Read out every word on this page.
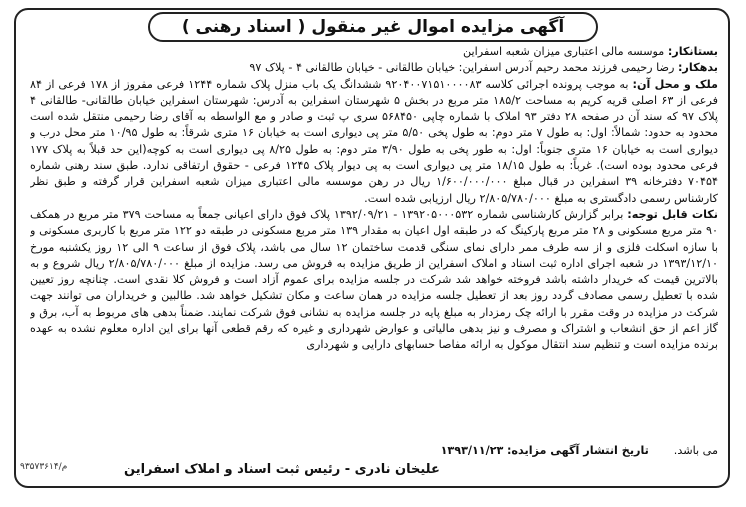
آگهی مزایده اموال غیر منقول ( اسناد رهنی )

بستانکار: موسسه مالی اعتباری میزان شعبه اسفراین

بدهکار: رضا رحیمی فرزند محمد رحیم آدرس اسفراین: خیابان طالقانی - خیابان طالقانی ۴ - پلاک ۹۷

ملک و محل آن: به موجب پرونده اجرائی کلاسه ۹۲۰۴۰۰۷۱۵۱۰۰۰۰۸۳ ششدانگ یک باب منزل پلاک شماره ۱۲۴۴ فرعی مفروز از ۱۷۸ فرعی از ۸۴ فرعی از ۶۳ اصلی قریه کریم به مساحت ۱۸۵/۲ متر مربع در بخش ۵ شهرستان اسفراین به آدرس: شهرستان اسفراین خیابان طالقانی- طالقانی ۴ پلاک ۹۷ که سند آن در صفحه ۲۸ دفتر ۹۳ املاک با شماره چاپی ۵۶۸۴۵۰ سری پ ثبت و صادر و مع الواسطه به آقای رضا رحیمی منتقل شده است محدود به حدود: شمالاً: اول: به طول ۷ متر دوم: به طول پخی ۵/۵۰ متر پی دیواری است به خیابان ۱۶ متری شرقاً: به طول ۱۰/۹۵ متر محل درب و دیواری است به خیابان ۱۶ متری جنوباً: اول: به طور پخی به طول ۳/۹۰ متر دوم: به طول ۸/۲۵ پی دیواری است به کوچه(این حد قبلاً به پلاک ۱۷۷ فرعی محدود بوده است). غرباً: به طول ۱۸/۱۵ متر پی دیواری است به پی دیوار پلاک ۱۲۴۵ فرعی - حقوق ارتفاقی ندارد. طبق سند رهنی شماره ۷۰۴۵۴ دفترخانه ۳۹ اسفراین در قبال مبلغ ۱/۶۰۰/۰۰۰/۰۰۰ ریال در رهن موسسه مالی اعتباری میزان شعبه اسفراین قرار گرفته و طبق نظر کارشناس رسمی دادگستری به مبلغ ۲/۸۰۵/۷۸۰/۰۰۰ ریال ارزیابی شده است.

نکات قابل توجه: برابر گزارش کارشناسی شماره ۱۳۹۲۰۵۰۰۰۵۳۲ - ۱۳۹۲/۰۹/۲۱ پلاک فوق دارای اعیانی جمعاً به مساحت ۳۷۹ متر مربع در همکف ۹۰ متر مربع مسکونی و ۲۸ متر مربع پارکینگ که در طبقه اول اعیان به مقدار ۱۳۹ متر مربع مسکونی در طبقه دو ۱۲۲ متر مربع با کاربری مسکونی و با سازه اسکلت فلزی و از سه طرف ممر دارای نمای سنگی قدمت ساختمان ۱۲ سال می باشد، پلاک فوق از ساعت ۹ الی ۱۲ روز یکشنبه مورخ ۱۳۹۳/۱۲/۱۰ در شعبه اجرای اداره ثبت اسناد و املاک اسفراین از طریق مزایده به فروش می رسد. مزایده از مبلغ ۲/۸۰۵/۷۸۰/۰۰۰ ریال شروع و به بالاترین قیمت که خریدار داشته باشد فروخته خواهد شد شرکت در جلسه مزایده برای عموم آزاد است و فروش کلا نقدی است. چنانچه روز تعیین شده با تعطیل رسمی مصادف گردد روز بعد از تعطیل جلسه مزایده در همان ساعت و مکان تشکیل خواهد شد. طالبین و خریداران می توانند جهت شرکت در مزایده در وقت مقرر با ارائه چک رمزدار به مبلغ پایه در جلسه مزایده به نشانی فوق شرکت نمایند. ضمناً بدهی های مربوط به آب، برق و گاز اعم از حق انشعاب و اشتراک و مصرف و نیز بدهی مالیاتی و عوارض شهرداری و غیره که رقم قطعی آنها برای این اداره معلوم نشده به عهده برنده مزایده است و تنظیم سند انتقال موکول به ارائه مفاصا حسابهای دارایی و شهرداری

می باشد.       تاریخ انتشار آگهی مزایده: ۱۳۹۳/۱۱/۲۳
علیخان نادری - رئیس ثبت اسناد و املاک اسفراین
م/۹۳۵۷۳۶۱۴
